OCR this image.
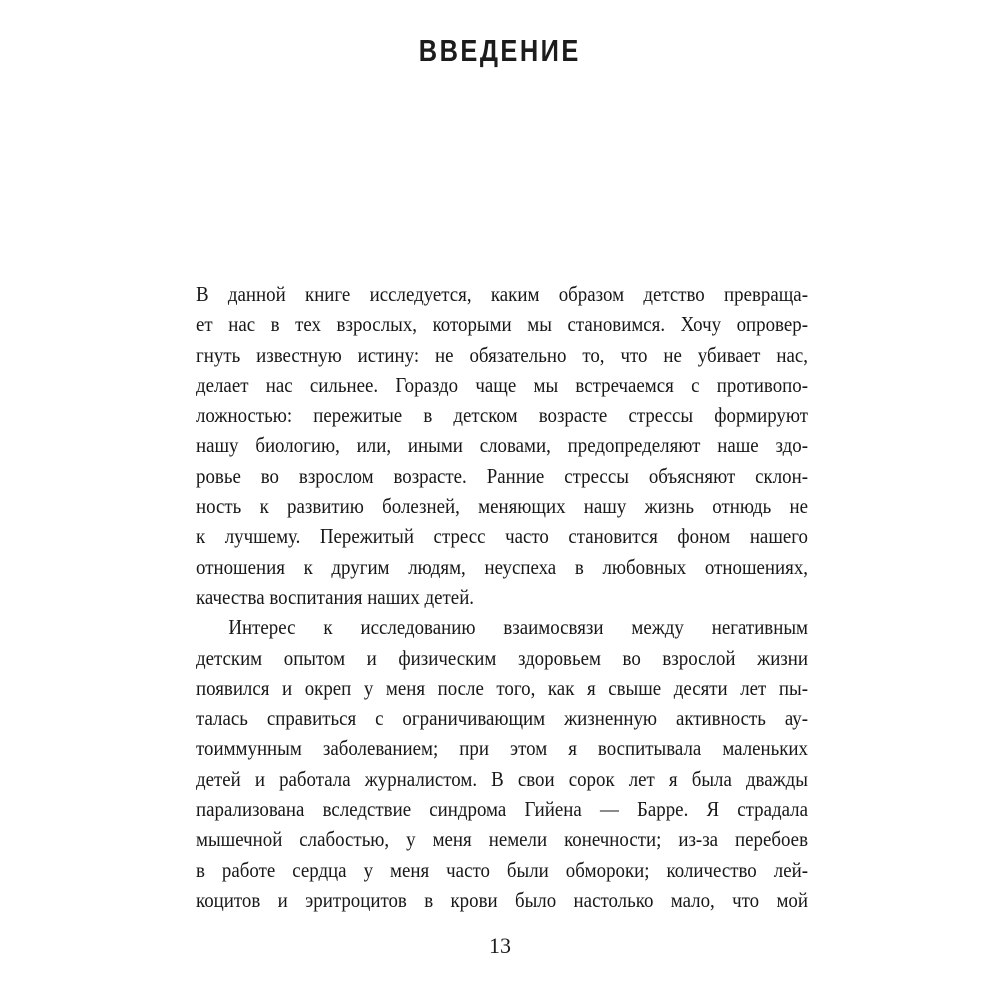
ВВЕДЕНИЕ
В данной книге исследуется, каким образом детство превраща-
ет нас в тех взрослых, которыми мы становимся. Хочу опровер-
гнуть известную истину: не обязательно то, что не убивает нас,
делает нас сильнее. Гораздо чаще мы встречаемся с противопо-
ложностью: пережитые в детском возрасте стрессы формируют
нашу биологию, или, иными словами, предопределяют наше здо-
ровье во взрослом возрасте. Ранние стрессы объясняют склон-
ность к развитию болезней, меняющих нашу жизнь отнюдь не
к лучшему. Пережитый стресс часто становится фоном нашего
отношения к другим людям, неуспеха в любовных отношениях,
качества воспитания наших детей.
Интерес к исследованию взаимосвязи между негативным
детским опытом и физическим здоровьем во взрослой жизни
появился и окреп у меня после того, как я свыше десяти лет пы-
талась справиться с ограничивающим жизненную активность ау-
тоиммунным заболеванием; при этом я воспитывала маленьких
детей и работала журналистом. В свои сорок лет я была дважды
парализована вследствие синдрома Гийена — Барре. Я страдала
мышечной слабостью, у меня немели конечности; из-за перебоев
в работе сердца у меня часто были обмороки; количество лей-
коцитов и эритроцитов в крови было настолько мало, что мой
13
